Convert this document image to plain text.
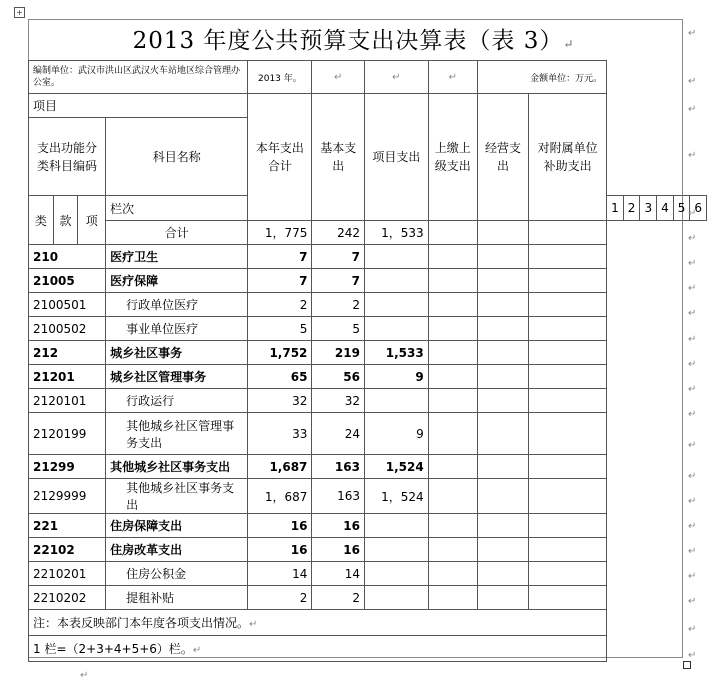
+
2013 年度公共预算支出决算表（表 3）↵
编制单位：武汉市洪山区武汉火车站地区综合管理办公室。				2013 年。	↵	↵	↵	金额单位：万元。							
项目				本年支出合计	基本支出	项目支出	上缴上级支出	经营支出	对附属单位补助支出						
支出功能分类科目编码			科目名称												
类	款	项	栏次							1	2	3	4	5	6
			合计	1，775	242	1，533									
210			医疗卫生	7	7										
21005			医疗保障	7	7										
2100501			行政单位医疗	2	2										
2100502			事业单位医疗	5	5										
212			城乡社区事务	1,752	219	1,533									
21201			城乡社区管理事务	65	56	9									
2120101			行政运行	32	32										
2120199			其他城乡社区管理事务支出	33	24	9									
21299			其他城乡社区事务支出	1,687	163	1,524									
2129999			其他城乡社区事务支出	1，687	163	1，524									
221			住房保障支出	16	16										
22102			住房改革支出	16	16										
2210201			住房公积金	14	14										
2210202			提租补贴	2	2										
注：本表反映部门本年度各项支出情况。↵															
1 栏=（2+3+4+5+6）栏。↵															
↵
↵
↵
↵
↵
↵
↵
↵
↵
↵
↵
↵
↵
↵
↵
↵
↵
↵
↵
↵
↵
↵
↵
